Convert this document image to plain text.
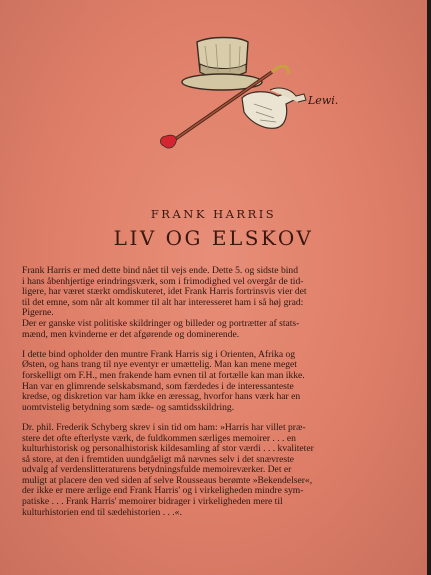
Lewi.
FRANK HARRIS
LIV OG ELSKOV

Frank Harris er med dette bind nået til vejs ende. Dette 5. og sidste bind
i hans åbenhjertige erindringsværk, som i frimodighed vel overgår de tid-
ligere, har været stærkt omdiskuteret, idet Frank Harris fortrinsvis vier det
til det emne, som når alt kommer til alt har interesseret ham i så høj grad:
Pigerne.
Der er ganske vist politiske skildringer og billeder og portrætter af stats-
mænd, men kvinderne er det afgørende og dominerende.

I dette bind opholder den muntre Frank Harris sig i Orienten, Afrika og
Østen, og hans trang til nye eventyr er umættelig. Man kan mene meget
forskelligt om F.H., men frakende ham evnen til at fortælle kan man ikke.
Han var en glimrende selskabsmand, som færdedes i de interessanteste
kredse, og diskretion var ham ikke en æressag, hvorfor hans værk har en
uomtvistelig betydning som sæde- og samtidsskildring.

Dr. phil. Frederik Schyberg skrev i sin tid om ham: »Harris har villet præ-
stere det ofte efterlyste værk, de fuldkommen særliges memoirer . . . en
kulturhistorisk og personalhistorisk kildesamling af stor værdi . . . kvaliteter
så store, at den i fremtiden uundgåeligt må nævnes selv i det snævreste
udvalg af verdenslitteraturens betydningsfulde memoireværker. Det er
muligt at placere den ved siden af selve Rousseaus berømte »Bekendelser«,
der ikke er mere ærlige end Frank Harris' og i virkeligheden mindre sym-
patiske . . . Frank Harris' memoirer bidrager i virkeligheden mere til
kulturhistorien end til sædehistorien . . .«.
